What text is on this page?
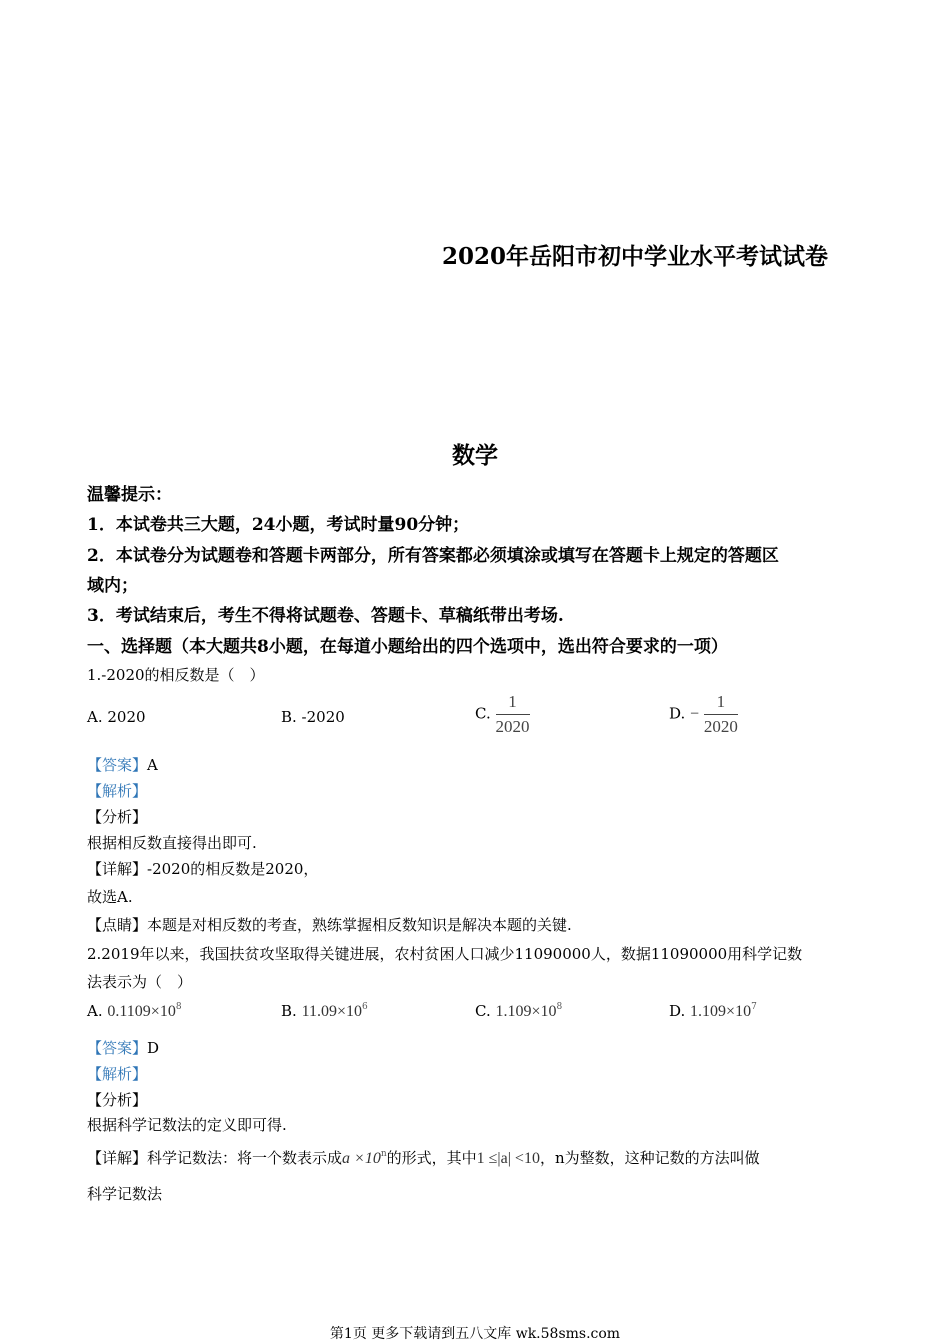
2020年岳阳市初中学业水平考试试卷
数学
温馨提示：
1．本试卷共三大题，24小题，考试时量90分钟；
2．本试卷分为试题卷和答题卡两部分，所有答案都必须填涂或填写在答题卡上规定的答题区
域内；
3．考试结束后，考生不得将试题卷、答题卡、草稿纸带出考场.
一、选择题（本大题共8小题，在每道小题给出的四个选项中，选出符合要求的一项）
1.-2020的相反数是（　）
A. 2020	B. -2020	C. $\frac{1}{2020}$	D. − $\frac{1}{2020}$
【答案】A
【解析】
【分析】
根据相反数直接得出即可.
【详解】-2020的相反数是2020，
故选A.
【点睛】本题是对相反数的考查，熟练掌握相反数知识是解决本题的关键.
2.2019年以来，我国扶贫攻坚取得关键进展，农村贫困人口减少11090000人，数据11090000用科学记数
法表示为（　）
A. $0.1109\times 10^8$	B. $11.09\times 10^6$	C. $1.109\times 10^8$	D. $1.109\times 10^7$
【答案】D
【解析】
【分析】
根据科学记数法的定义即可得.
【详解】科学记数法：将一个数表示成$a \times 10^n$的形式，其中1 ≤|a| <10，n为整数，这种记数的方法叫做
科学记数法
第1页 更多下载请到五八文库 wk.58sms.com
